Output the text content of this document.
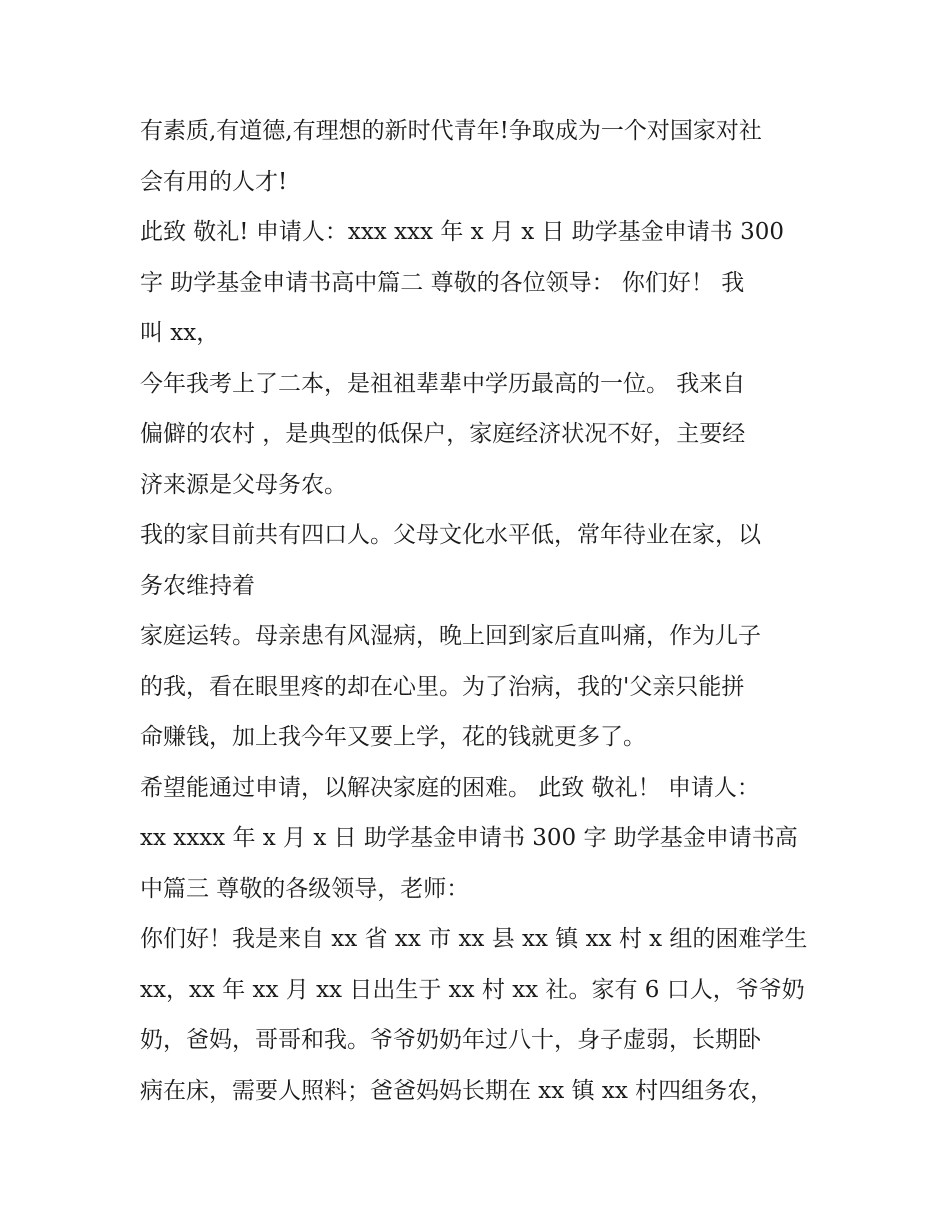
有素质,有道德,有理想的新时代青年!争取成为一个对国家对社
会有用的人才!
此致 敬礼! 申请人：xxx xxx 年 x 月 x 日 助学基金申请书 300
字 助学基金申请书高中篇二 尊敬的各位领导： 你们好！ 我
叫 xx，
今年我考上了二本，是祖祖辈辈中学历最高的一位。 我来自
偏僻的农村 ，是典型的低保户，家庭经济状况不好，主要经
济来源是父母务农。
我的家目前共有四口人。父母文化水平低，常年待业在家，以
务农维持着
家庭运转。母亲患有风湿病，晚上回到家后直叫痛，作为儿子
的我，看在眼里疼的却在心里。为了治病，我的'父亲只能拼
命赚钱，加上我今年又要上学，花的钱就更多了。
希望能通过申请，以解决家庭的困难。 此致 敬礼！ 申请人：
xx xxxx 年 x 月 x 日 助学基金申请书 300 字 助学基金申请书高
中篇三 尊敬的各级领导，老师：
你们好！我是来自 xx 省 xx 市 xx 县 xx 镇 xx 村 x 组的困难学生
xx，xx 年 xx 月 xx 日出生于 xx 村 xx 社。家有 6 口人，爷爷奶
奶，爸妈，哥哥和我。爷爷奶奶年过八十，身子虚弱，长期卧
病在床，需要人照料；爸爸妈妈长期在 xx 镇 xx 村四组务农，
